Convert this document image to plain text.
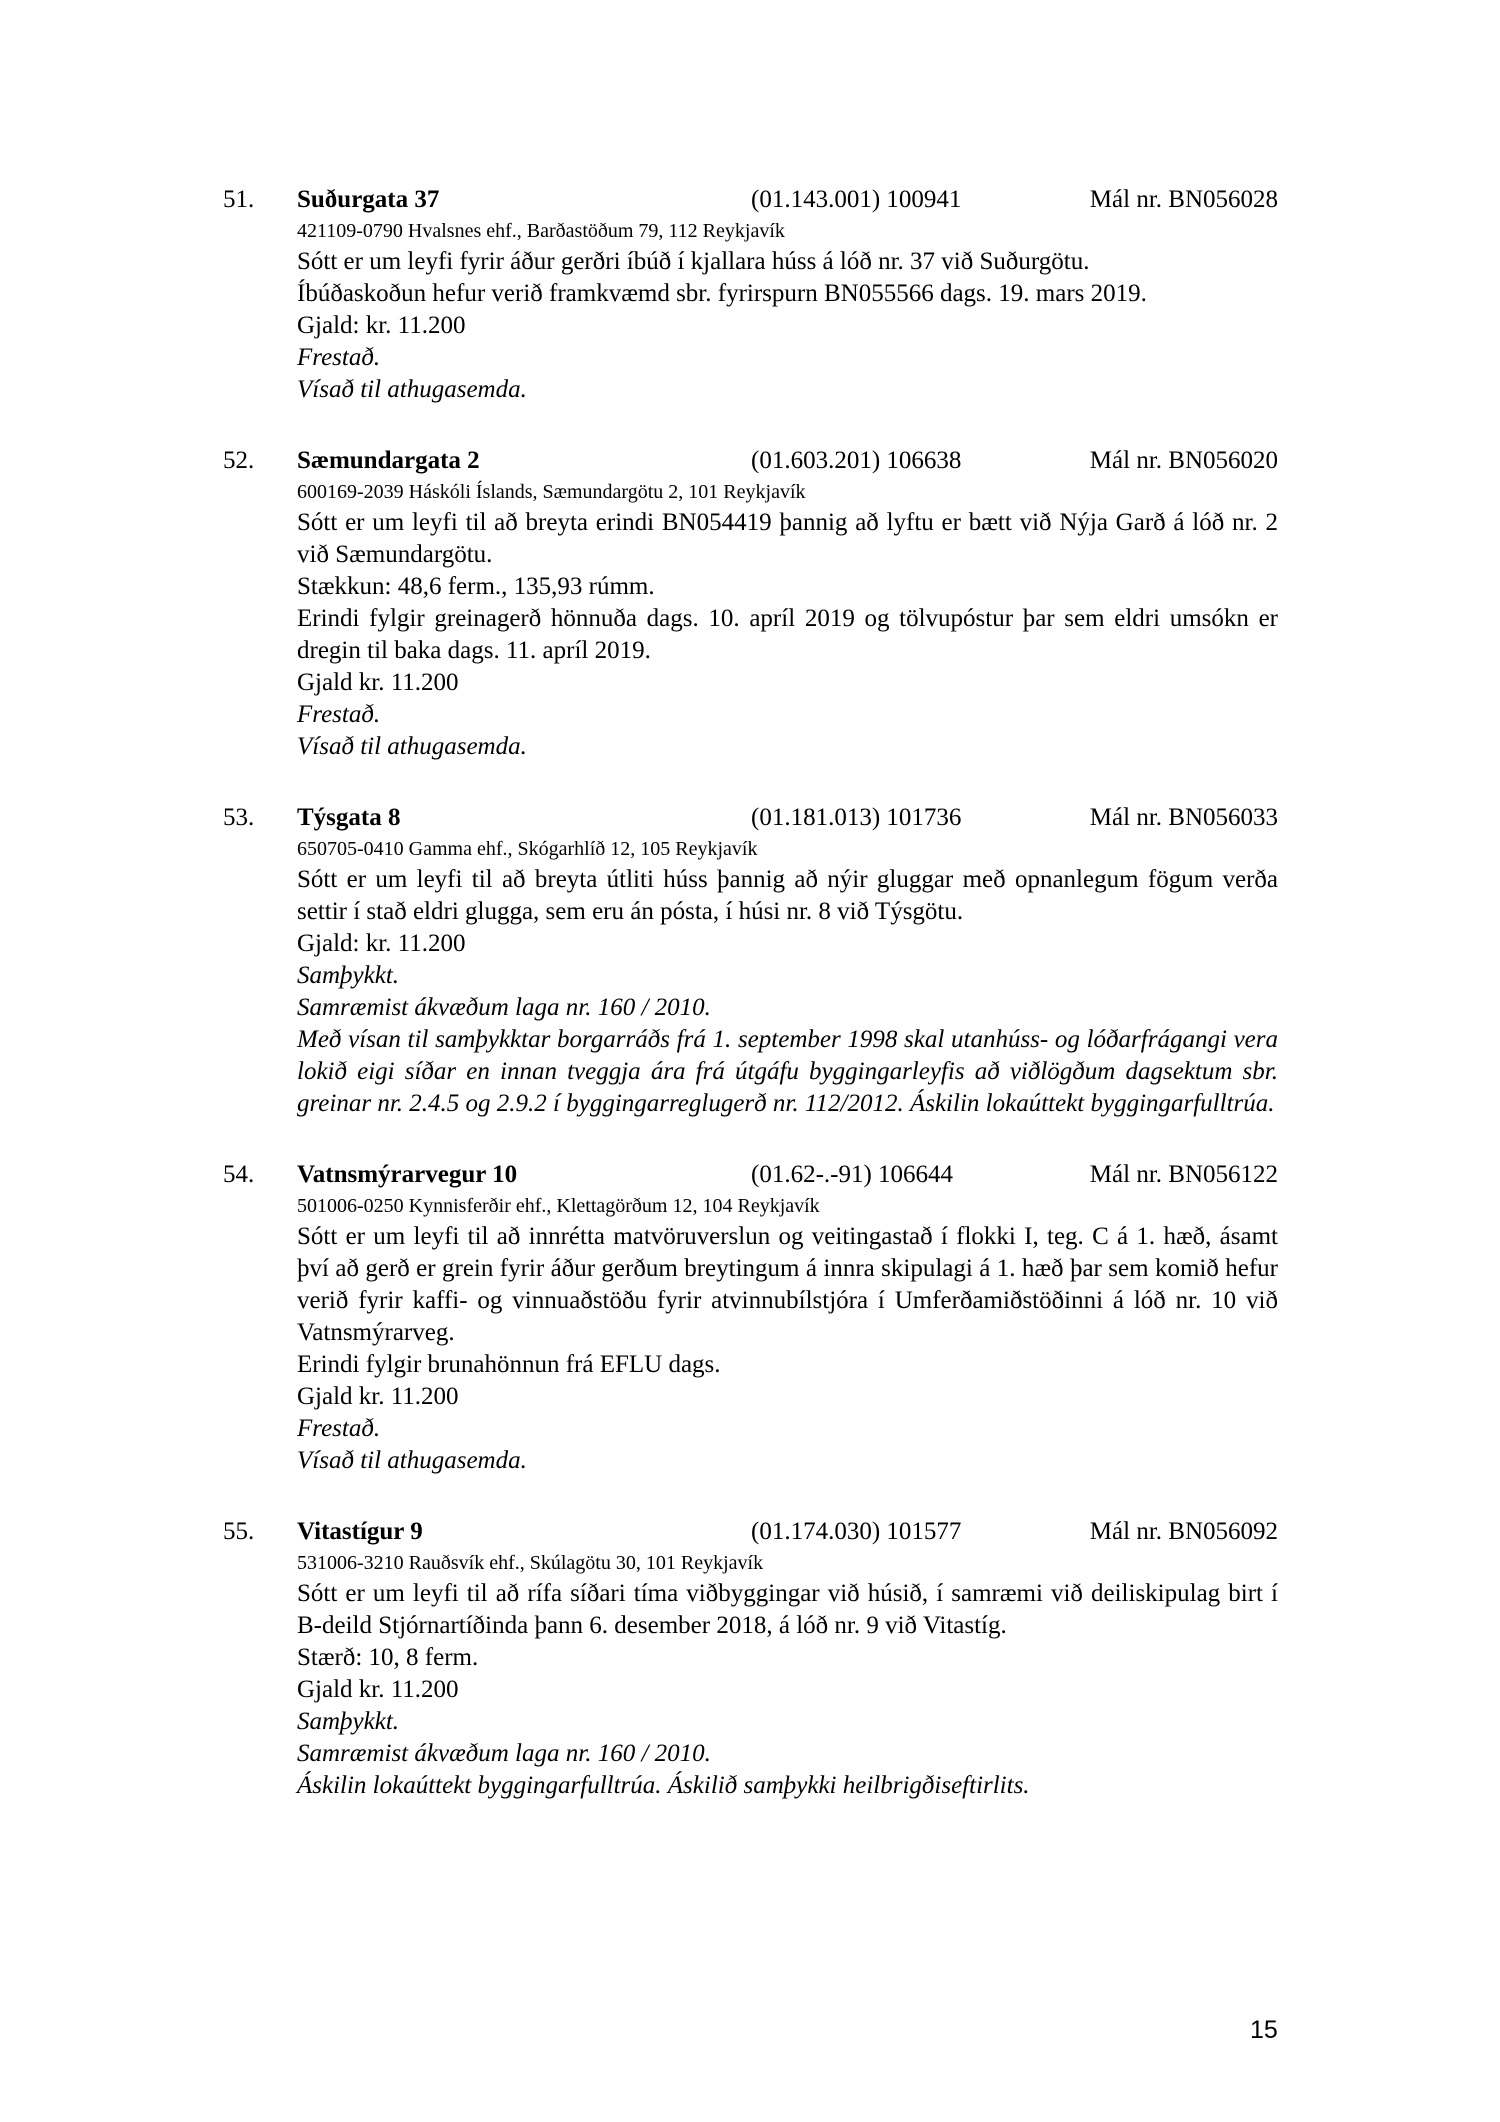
51. Suðurgata 37	(01.143.001) 100941	Mál nr. BN056028
421109-0790 Hvalsnes ehf., Barðastöðum 79, 112 Reykjavík
Sótt er um leyfi fyrir áður gerðri íbúð í kjallara húss á lóð nr. 37 við Suðurgötu.
Íbúðaskoðun hefur verið framkvæmd sbr. fyrirspurn BN055566 dags. 19. mars 2019.
Gjald: kr. 11.200
Frestað.
Vísað til athugasemda.
52. Sæmundargata 2	(01.603.201) 106638	Mál nr. BN056020
600169-2039 Háskóli Íslands, Sæmundargötu 2, 101 Reykjavík
Sótt er um leyfi til að breyta erindi BN054419 þannig að lyftu er bætt við Nýja Garð á lóð nr. 2 við Sæmundargötu.
Stækkun: 48,6 ferm., 135,93 rúmm.
Erindi fylgir greinagerð hönnuða dags. 10. apríl 2019 og tölvupóstur þar sem eldri umsókn er dregin til baka dags. 11. apríl 2019.
Gjald kr. 11.200
Frestað.
Vísað til athugasemda.
53. Týsgata 8	(01.181.013) 101736	Mál nr. BN056033
650705-0410 Gamma ehf., Skógarhlíð 12, 105 Reykjavík
Sótt er um leyfi til að breyta útliti húss þannig að nýir gluggar með opnanlegum fögum verða settir í stað eldri glugga, sem eru án pósta, í húsi nr. 8 við Týsgötu.
Gjald: kr. 11.200
Samþykkt.
Samræmist ákvæðum laga nr. 160 / 2010.
Með vísan til samþykktar borgarráðs frá 1. september 1998 skal utanhúss- og lóðarfrágangi vera lokið eigi síðar en innan tveggja ára frá útgáfu byggingarleyfis að viðlögðum dagsektum sbr. greinar nr. 2.4.5 og 2.9.2 í byggingarreglugerð nr. 112/2012. Áskilin lokaúttekt byggingarfulltrúa.
54. Vatnsmýrarvegur 10	(01.62-.-91) 106644	Mál nr. BN056122
501006-0250 Kynnisferðir ehf., Klettagörðum 12, 104 Reykjavík
Sótt er um leyfi til að innrétta matvöruverslun og veitingastað í flokki I, teg. C á 1. hæð, ásamt því að gerð er grein fyrir áður gerðum breytingum á innra skipulagi á 1. hæð þar sem komið hefur verið fyrir kaffi- og vinnuaðstöðu fyrir atvinnubílstjóra í Umferðamiðstöðinni á lóð nr. 10 við Vatnsmýrarveg.
Erindi fylgir brunahönnun frá EFLU dags.
Gjald kr. 11.200
Frestað.
Vísað til athugasemda.
55. Vitastígur 9	(01.174.030) 101577	Mál nr. BN056092
531006-3210 Rauðsvík ehf., Skúlagötu 30, 101 Reykjavík
Sótt er um leyfi til að rífa síðari tíma viðbyggingar við húsið, í samræmi við deiliskipulag birt í B-deild Stjórnartíðinda þann 6. desember 2018, á lóð nr. 9 við Vitastíg.
Stærð: 10, 8 ferm.
Gjald kr. 11.200
Samþykkt.
Samræmist ákvæðum laga nr. 160 / 2010.
Áskilin lokaúttekt byggingarfulltrúa. Áskilið samþykki heilbrigðiseftirlits.
15
